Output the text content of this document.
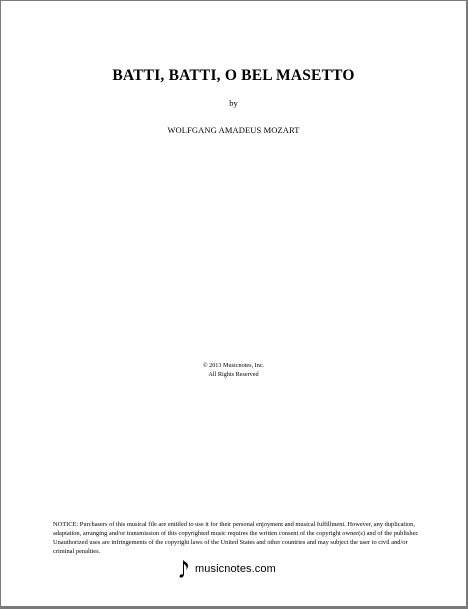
BATTI, BATTI, O BEL MASETTO
by
WOLFGANG AMADEUS MOZART
© 2013 Musicnotes, Inc.
All Rights Reserved
NOTICE: Purchasers of this musical file are entitled to use it for their personal enjoyment and musical fulfillment. However, any duplication, adaptation, arranging and/or transmission of this copyrighted music requires the written consent of the copyright owner(s) and of the publisher. Unauthorized uses are infringements of the copyright laws of the United States and other countries and may subject the user to civil and/or criminal penalties.
musicnotes.com
